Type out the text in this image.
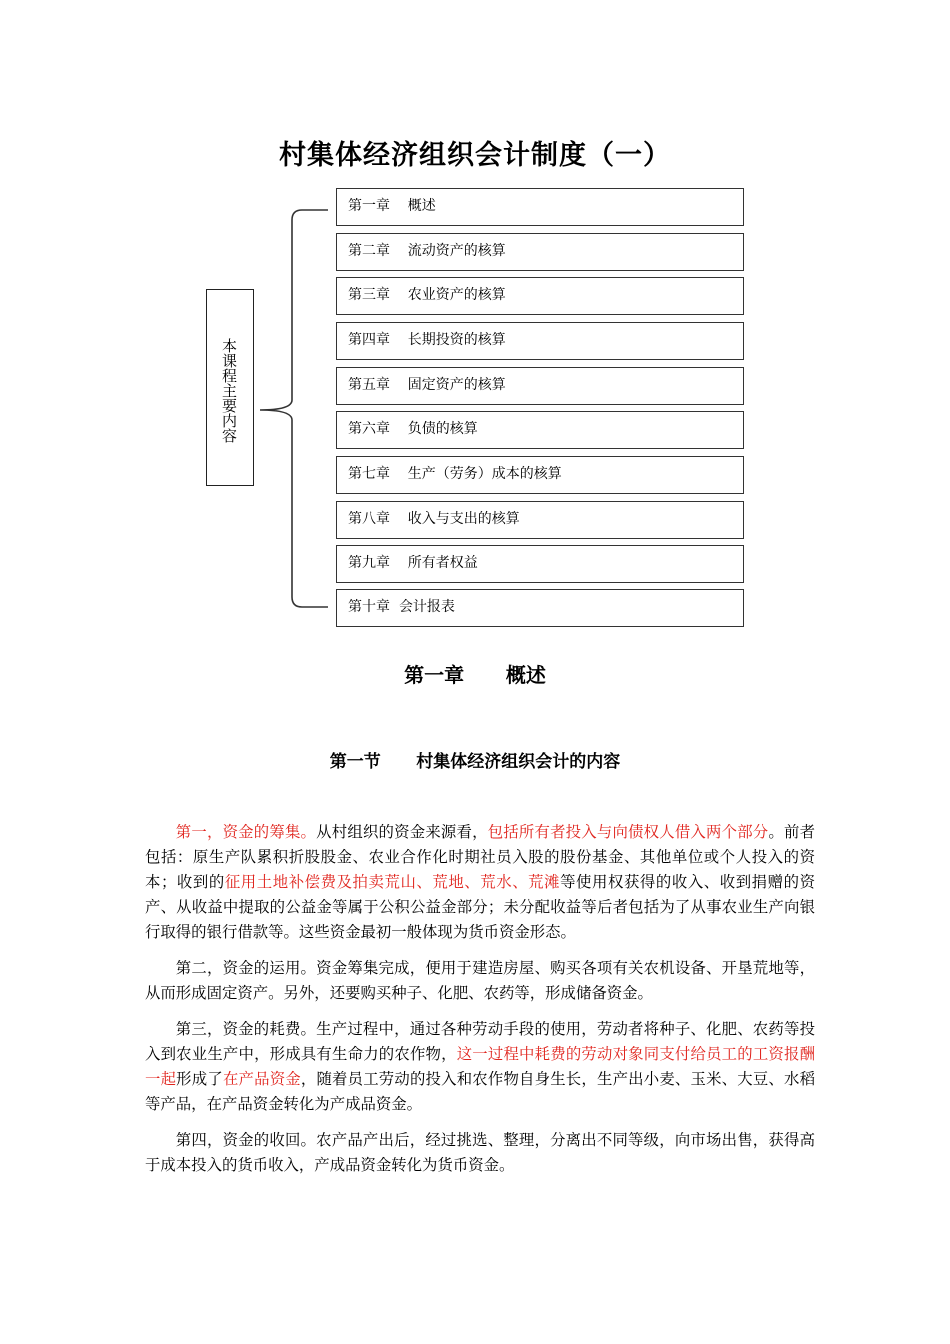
村集体经济组织会计制度（一）
本课程主要内容
第一章    概述
第二章    流动资产的核算
第三章    农业资产的核算
第四章    长期投资的核算
第五章    固定资产的核算
第六章    负债的核算
第七章    生产（劳务）成本的核算
第八章    收入与支出的核算
第九章    所有者权益
第十章  会计报表
第一章      概述
第一节      村集体经济组织会计的内容

第一，资金的筹集。从村组织的资金来源看，包括所有者投入与向债权人借入两个部分。前者包括：原生产队累积折股股金、农业合作化时期社员入股的股份基金、其他单位或个人投入的资本；收到的征用土地补偿费及拍卖荒山、荒地、荒水、荒滩等使用权获得的收入、收到捐赠的资产、从收益中提取的公益金等属于公积公益金部分；未分配收益等后者包括为了从事农业生产向银行取得的银行借款等。这些资金最初一般体现为货币资金形态。

第二，资金的运用。资金筹集完成，便用于建造房屋、购买各项有关农机设备、开垦荒地等，从而形成固定资产。另外，还要购买种子、化肥、农药等，形成储备资金。

第三，资金的耗费。生产过程中，通过各种劳动手段的使用，劳动者将种子、化肥、农药等投入到农业生产中，形成具有生命力的农作物，这一过程中耗费的劳动对象同支付给员工的工资报酬一起形成了在产品资金，随着员工劳动的投入和农作物自身生长，生产出小麦、玉米、大豆、水稻等产品，在产品资金转化为产成品资金。

第四，资金的收回。农产品产出后，经过挑选、整理，分离出不同等级，向市场出售，获得高于成本投入的货币收入，产成品资金转化为货币资金。
